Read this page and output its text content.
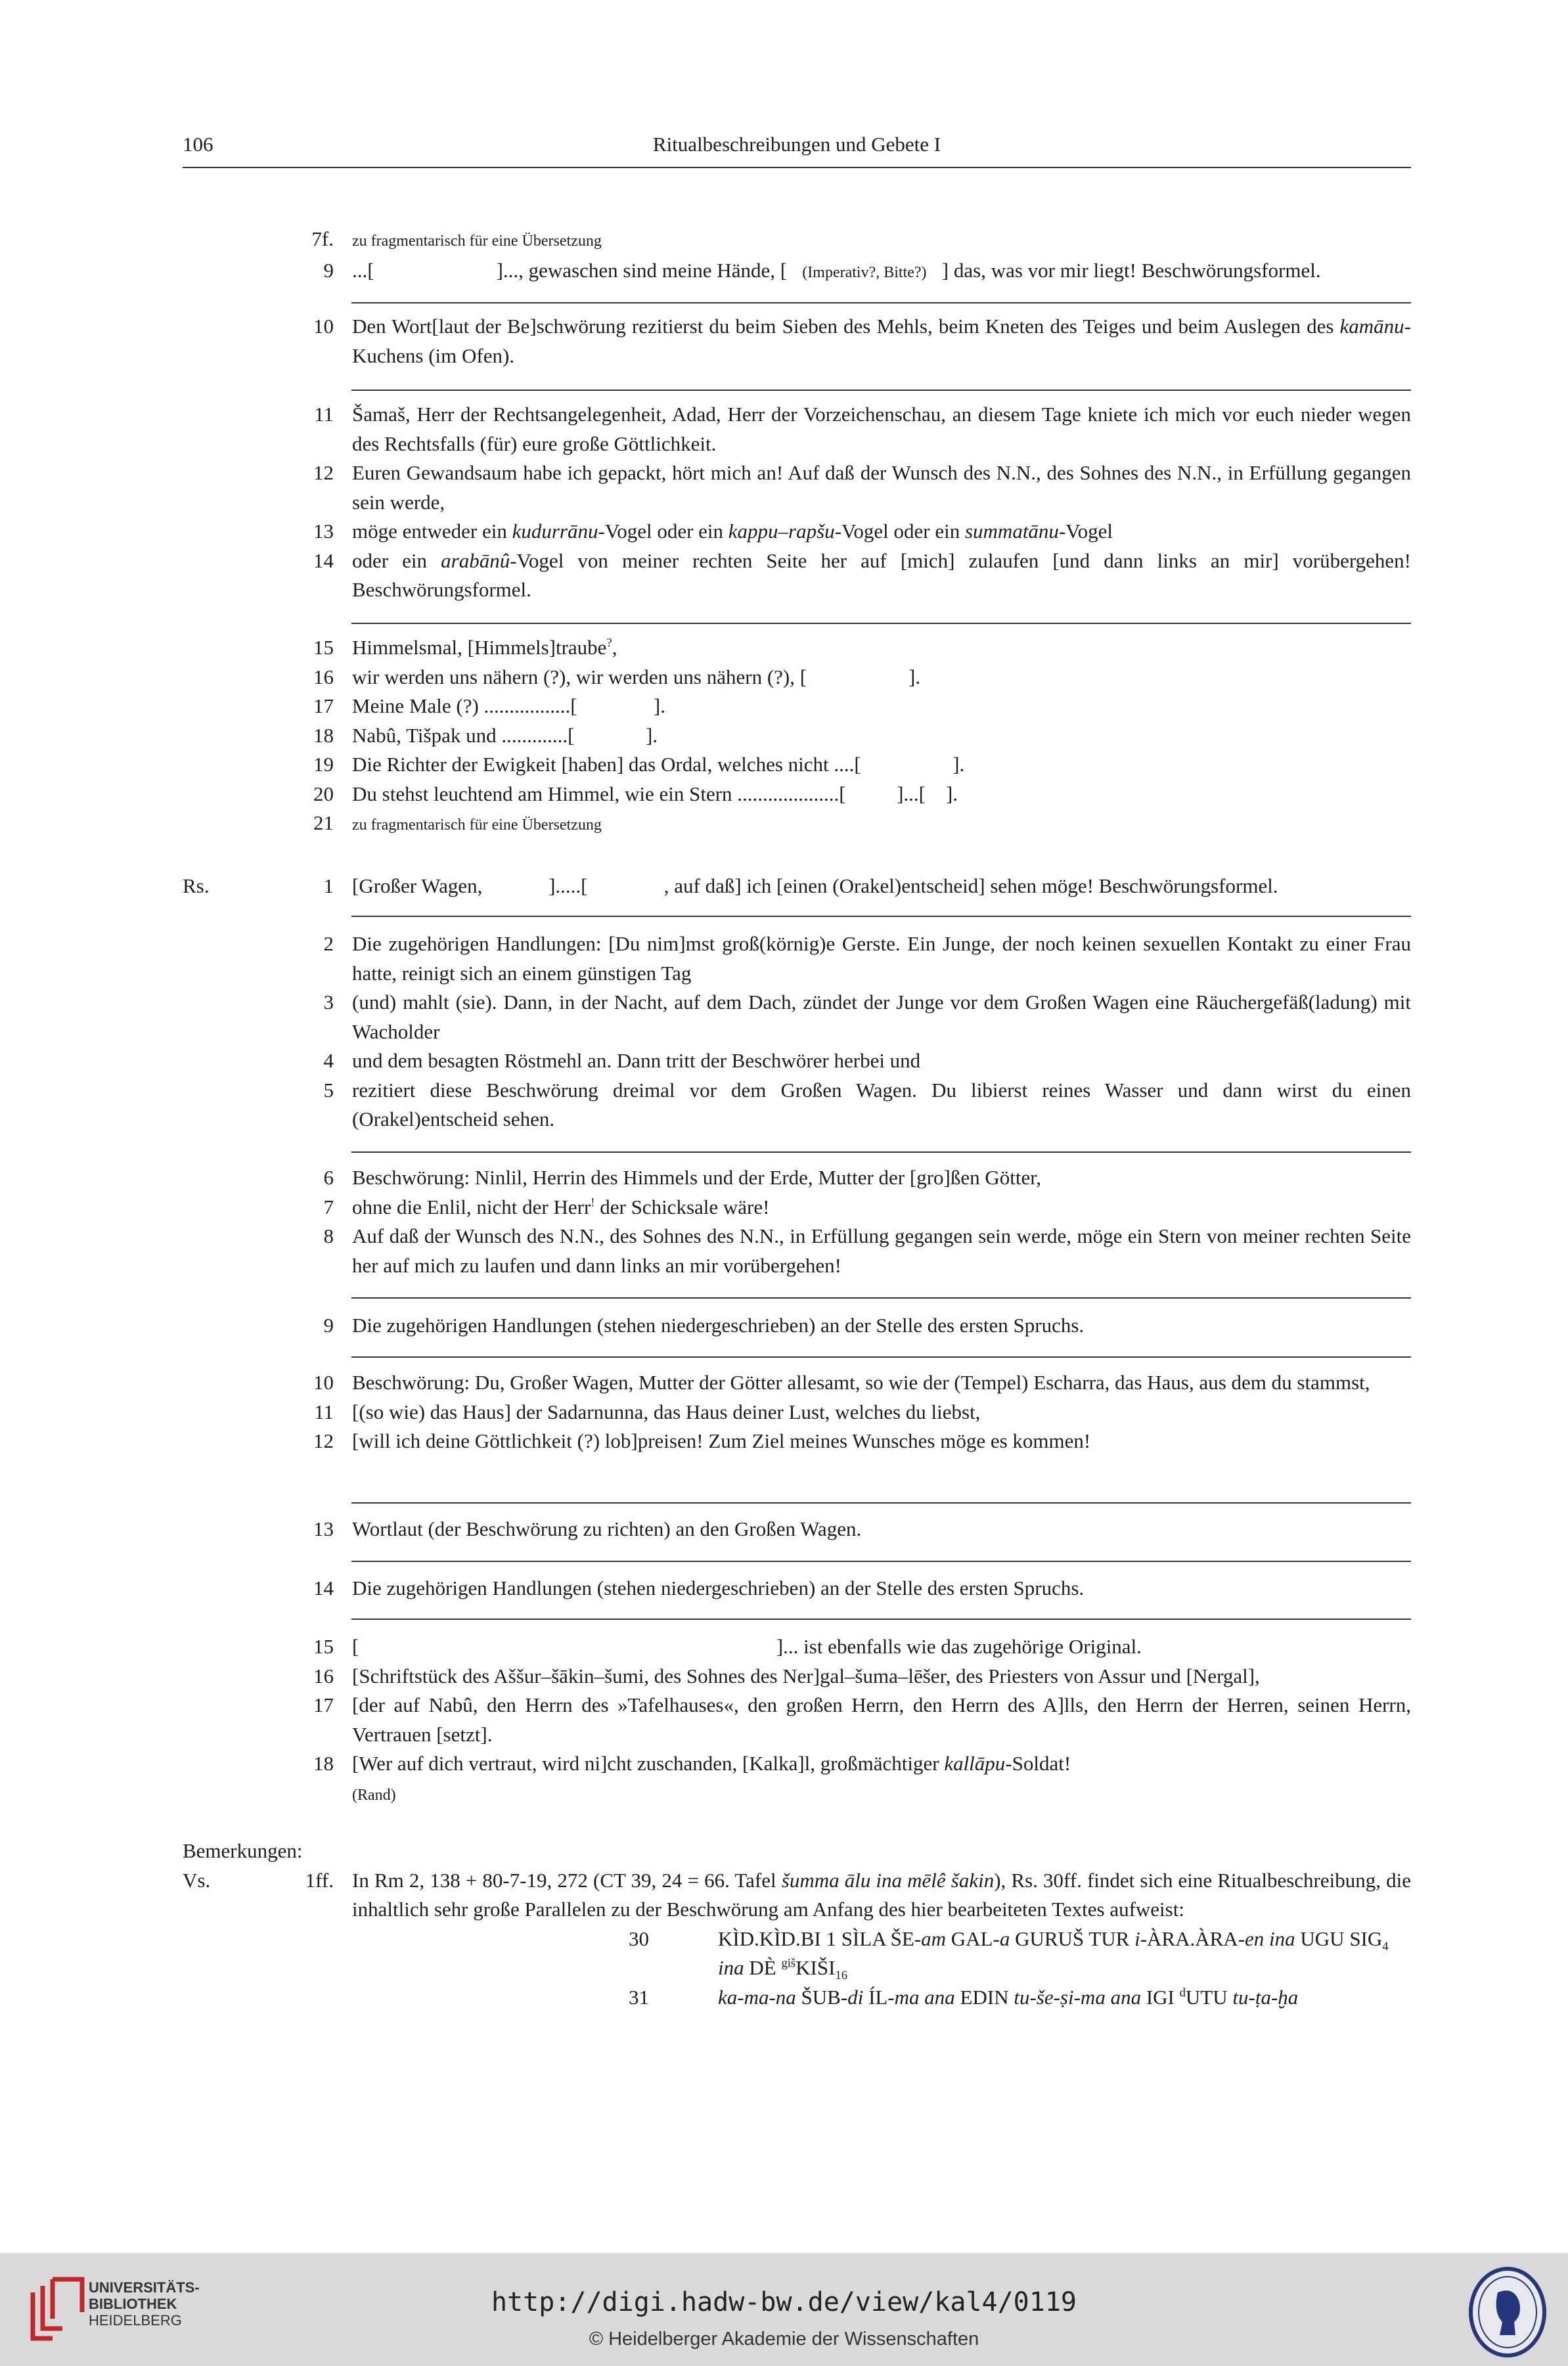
106	Ritualbeschreibungen und Gebete I
7f. zu fragmentarisch für eine Übersetzung
9 ...[                        ]..., gewaschen sind meine Hände, [   (Imperativ?, Bitte?)   ] das, was vor mir liegt! Beschwörungsformel.
10 Den Wort[laut der Be]schwörung rezitierst du beim Sieben des Mehls, beim Kneten des Teiges und beim Auslegen des kamānu-Kuchens (im Ofen).
11 Šamaš, Herr der Rechtsangelegenheit, Adad, Herr der Vorzeichenschau, an diesem Tage kniete ich mich vor euch nieder wegen des Rechtsfalls (für) eure große Göttlichkeit.
12 Euren Gewandsaum habe ich gepackt, hört mich an! Auf daß der Wunsch des N.N., des Sohnes des N.N., in Erfüllung gegangen sein werde,
13 möge entweder ein kudurrānu-Vogel oder ein kappu–rapšu-Vogel oder ein summatānu-Vogel
14 oder ein arabānû-Vogel von meiner rechten Seite her auf [mich] zulaufen [und dann links an mir] vorübergehen! Beschwörungsformel.
15 Himmelsmal, [Himmels]traube?,
16 wir werden uns nähern (?), wir werden uns nähern (?), [                    ].
17 Meine Male (?) .................[               ].
18 Nabû, Tišpak und .............[              ].
19 Die Richter der Ewigkeit [haben] das Ordal, welches nicht ....[                  ].
20 Du stehst leuchtend am Himmel, wie ein Stern ....................[          ]...[    ].
21 zu fragmentarisch für eine Übersetzung
Rs.	1 [Großer Wagen,             ].....[               , auf daß] ich [einen (Orakel)entscheid] sehen möge! Beschwörungsformel.
2 Die zugehörigen Handlungen: [Du nim]mst groß(körnig)e Gerste. Ein Junge, der noch keinen sexuellen Kontakt zu einer Frau hatte, reinigt sich an einem günstigen Tag
3 (und) mahlt (sie). Dann, in der Nacht, auf dem Dach, zündet der Junge vor dem Großen Wagen eine Räuchergefäß(ladung) mit Wacholder
4 und dem besagten Röstmehl an. Dann tritt der Beschwörer herbei und
5 rezitiert diese Beschwörung dreimal vor dem Großen Wagen. Du libierst reines Wasser und dann wirst du einen (Orakel)entscheid sehen.
6 Beschwörung: Ninlil, Herrin des Himmels und der Erde, Mutter der [gro]ßen Götter,
7 ohne die Enlil, nicht der Herr! der Schicksale wäre!
8 Auf daß der Wunsch des N.N., des Sohnes des N.N., in Erfüllung gegangen sein werde, möge ein Stern von meiner rechten Seite her auf mich zu laufen und dann links an mir vorübergehen!
9 Die zugehörigen Handlungen (stehen niedergeschrieben) an der Stelle des ersten Spruchs.
10 Beschwörung: Du, Großer Wagen, Mutter der Götter allesamt, so wie der (Tempel) Escharra, das Haus, aus dem du stammst,
11 [(so wie) das Haus] der Sadarnunna, das Haus deiner Lust, welches du liebst,
12 [will ich deine Göttlichkeit (?) lob]preisen! Zum Ziel meines Wunsches möge es kommen!
13 Wortlaut (der Beschwörung zu richten) an den Großen Wagen.
14 Die zugehörigen Handlungen (stehen niedergeschrieben) an der Stelle des ersten Spruchs.
15 [                                                                                  ]... ist ebenfalls wie das zugehörige Original.
16 [Schriftstück des Aššur–šākin–šumi, des Sohnes des Ner]gal–šuma–lēšer, des Priesters von Assur und [Nergal],
17 [der auf Nabû, den Herrn des »Tafelhauses«, den großen Herrn, den Herrn des A]lls, den Herrn der Herren, seinen Herrn, Vertrauen [setzt].
18 [Wer auf dich vertraut, wird ni]cht zuschanden, [Kalka]l, großmächtiger kallāpu-Soldat!
(Rand)
Bemerkungen:
Vs.	1ff. In Rm 2, 138 + 80-7-19, 272 (CT 39, 24 = 66. Tafel šumma ālu ina mēlê šakin), Rs. 30ff. findet sich eine Ritualbeschreibung, die inhaltlich sehr große Parallelen zu der Beschwörung am Anfang des hier bearbeiteten Textes aufweist:
30	KÌD.KÌD.BI 1 SÌLA ŠE-am GAL-a GURUŠ TUR i-ÀRA.ÀRA-en ina UGU $SIG_4$ ina DÈ $^{giš}KIŠI_{16}$
31	ka-ma-na ŠUB-di ÍL-ma ana EDIN tu-še-ṣi-ma ana IGI $^d$UTU tu-ṭa-ḫa
UNIVERSITÄTS-
BIBLIOTHEK
HEIDELBERG
http://digi.hadw-bw.de/view/kal4/0119
© Heidelberger Akademie der Wissenschaften
